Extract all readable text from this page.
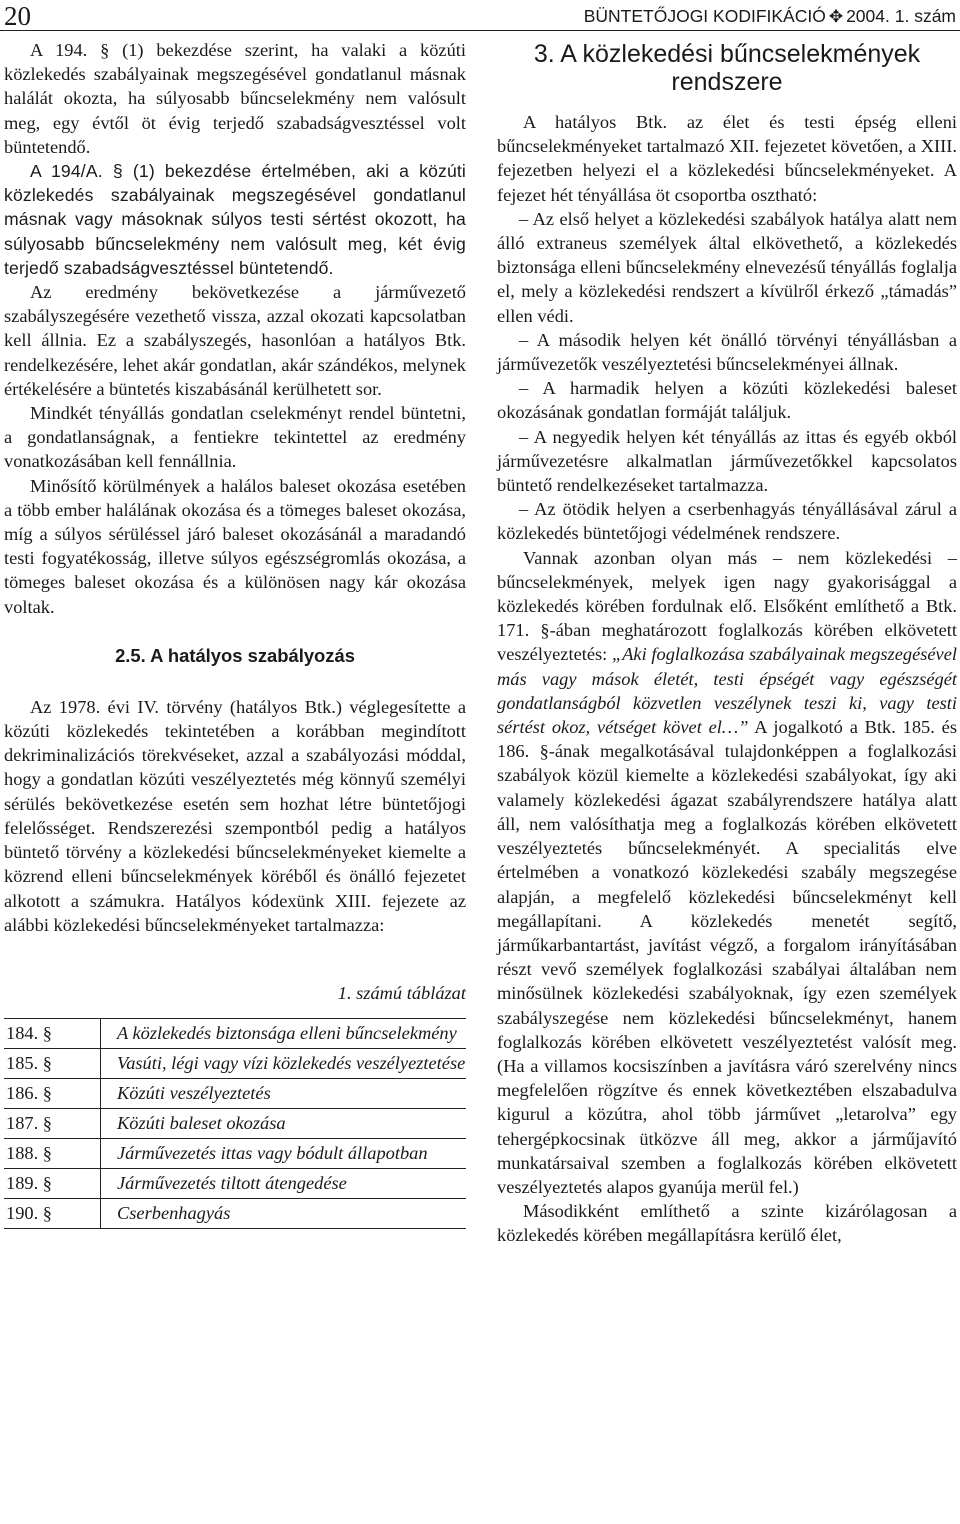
20	BÜNTETŐJOGI KODIFIKÁCIÓ ✥ 2004. 1. szám

A 194. § (1) bekezdése szerint, ha valaki a közúti közlekedés szabályainak megszegésével gondatlanul másnak halálát okozta, ha súlyosabb bűncselekmény nem valósult meg, egy évtől öt évig terjedő szabadságvesztéssel volt büntetendő.

A 194/A. § (1) bekezdése értelmében, aki a közúti közlekedés szabályainak megszegésével gondatlanul másnak vagy másoknak súlyos testi sértést okozott, ha súlyosabb bűncselekmény nem valósult meg, két évig terjedő szabadságvesztéssel büntetendő.

Az eredmény bekövetkezése a járművezető szabályszegésére vezethető vissza, azzal okozati kapcsolatban kell állnia. Ez a szabályszegés, hasonlóan a hatályos Btk. rendelkezésére, lehet akár gondatlan, akár szándékos, melynek értékelésére a büntetés kiszabásánál kerülhetett sor.

Mindkét tényállás gondatlan cselekményt rendel büntetni, a gondatlanságnak, a fentiekre tekintettel az eredmény vonatkozásában kell fennállnia.

Minősítő körülmények a halálos baleset okozása esetében a több ember halálának okozása és a tömeges baleset okozása, míg a súlyos sérüléssel járó baleset okozásánál a maradandó testi fogyatékosság, illetve súlyos egészségromlás okozása, a tömeges baleset okozása és a különösen nagy kár okozása voltak.

2.5. A hatályos szabályozás

Az 1978. évi IV. törvény (hatályos Btk.) véglegesítette a közúti közlekedés tekintetében a korábban megindított dekriminalizációs törekvéseket, azzal a szabályozási móddal, hogy a gondatlan közúti veszélyeztetés még könnyű személyi sérülés bekövetkezése esetén sem hozhat létre büntetőjogi felelősséget. Rendszerezési szempontból pedig a hatályos büntető törvény a közlekedési bűncselekményeket kiemelte a közrend elleni bűncselekmények köréből és önálló fejezetet alkotott a számukra. Hatályos kódexünk XIII. fejezete az alábbi közlekedési bűncselekményeket tartalmazza:

1. számú táblázat
184. §	A közlekedés biztonsága elleni bűncselekmény
185. §	Vasúti, légi vagy vízi közlekedés veszélyeztetése
186. §	Közúti veszélyeztetés
187. §	Közúti baleset okozása
188. §	Járművezetés ittas vagy bódult állapotban
189. §	Járművezetés tiltott átengedése
190. §	Cserbenhagyás
3. A közlekedési bűncselekmények rendszere

A hatályos Btk. az élet és testi épség elleni bűncselekményeket tartalmazó XII. fejezetet követően, a XIII. fejezetben helyezi el a közlekedési bűncselekményeket. A fejezet hét tényállása öt csoportba osztható:

– Az első helyet a közlekedési szabályok hatálya alatt nem álló extraneus személyek által elkövethető, a közlekedés biztonsága elleni bűncselekmény elnevezésű tényállás foglalja el, mely a közlekedési rendszert a kívülről érkező „támadás” ellen védi.

– A második helyen két önálló törvényi tényállásban a járművezetők veszélyeztetési bűncselekményei állnak.

– A harmadik helyen a közúti közlekedési baleset okozásának gondatlan formáját találjuk.

– A negyedik helyen két tényállás az ittas és egyéb okból járművezetésre alkalmatlan járművezetőkkel kapcsolatos büntető rendelkezéseket tartalmazza.

– Az ötödik helyen a cserbenhagyás tényállásával zárul a közlekedés büntetőjogi védelmének rendszere.

Vannak azonban olyan más – nem közlekedési – bűncselekmények, melyek igen nagy gyakorisággal a közlekedés körében fordulnak elő. Elsőként említhető a Btk. 171. §-ában meghatározott foglalkozás körében elkövetett veszélyeztetés: „Aki foglalkozása szabályainak megszegésével más vagy mások életét, testi épségét vagy egészségét gondatlanságból közvetlen veszélynek teszi ki, vagy testi sértést okoz, vétséget követ el…” A jogalkotó a Btk. 185. és 186. §-ának megalkotásával tulajdonképpen a foglalkozási szabályok közül kiemelte a közlekedési szabályokat, így aki valamely közlekedési ágazat szabályrendszere hatálya alatt áll, nem valósíthatja meg a foglalkozás körében elkövetett veszélyeztetés bűncselekményét. A specialitás elve értelmében a vonatkozó közlekedési szabály megszegése alapján, a megfelelő közlekedési bűncselekményt kell megállapítani. A közlekedés menetét segítő, járműkarbantartást, javítást végző, a forgalom irányításában részt vevő személyek foglalkozási szabályai általában nem minősülnek közlekedési szabályoknak, így ezen személyek szabályszegése nem közlekedési bűncselekményt, hanem foglalkozás körében elkövetett veszélyeztetést valósít meg. (Ha a villamos kocsiszínben a javításra váró szerelvény nincs megfelelően rögzítve és ennek következtében elszabadulva kigurul a közútra, ahol több járművet „letarolva” egy tehergépkocsinak ütközve áll meg, akkor a járműjavító munkatársaival szemben a foglalkozás körében elkövetett veszélyeztetés alapos gyanúja merül fel.)

Másodikként említhető a szinte kizárólagosan a közlekedés körében megállapításra kerülő élet,
